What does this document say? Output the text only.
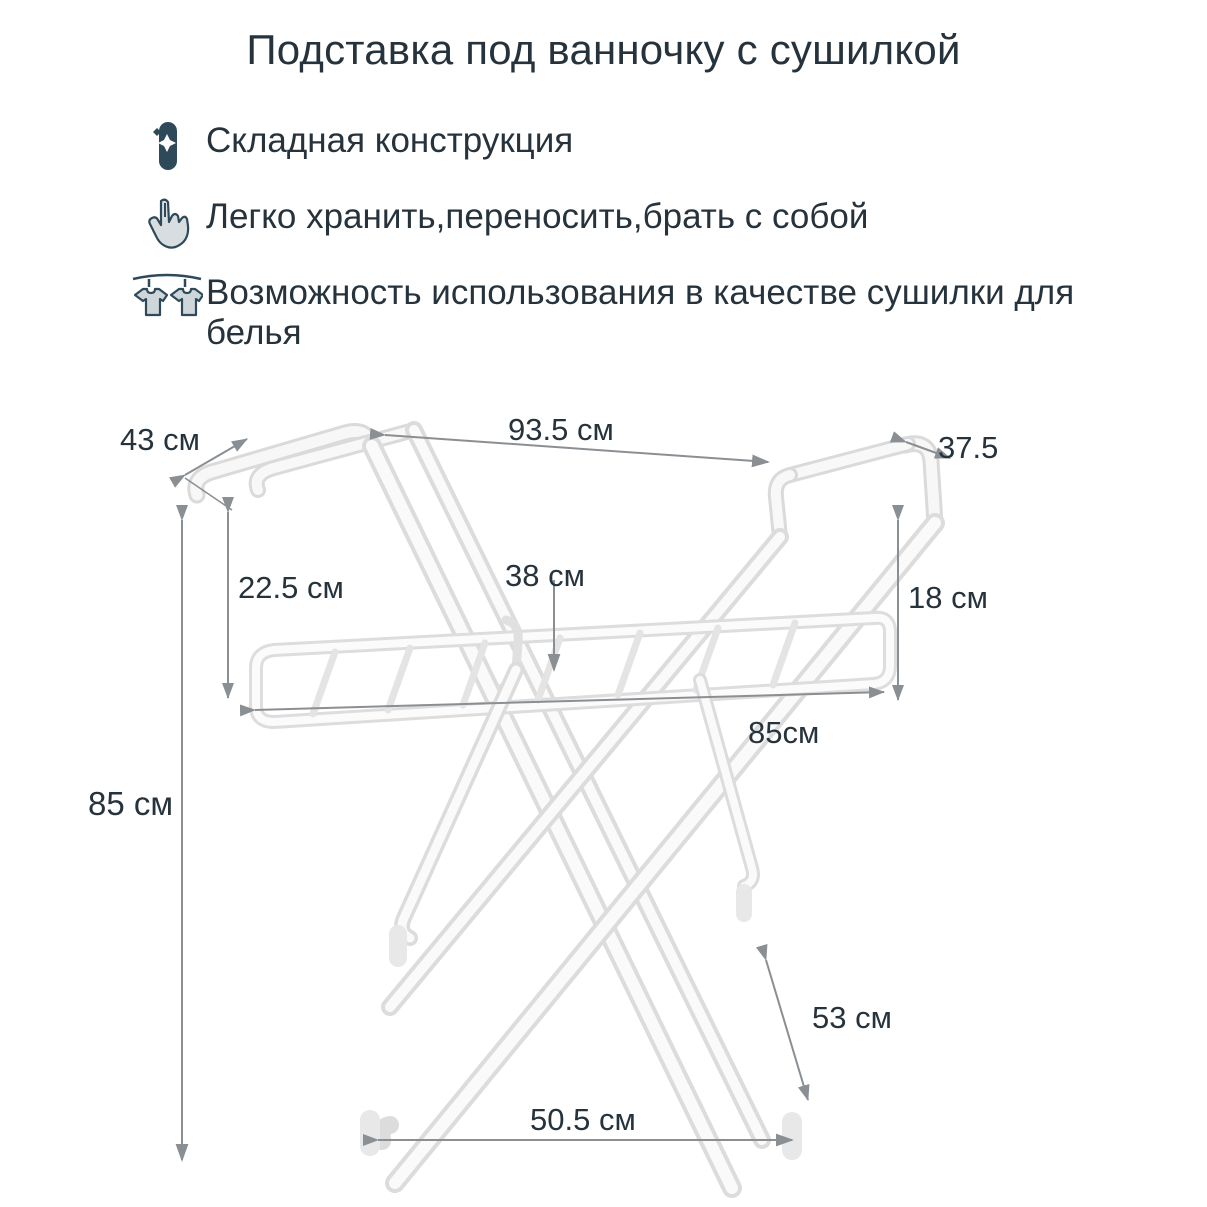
Подставка под ванночку с сушилкой
Складная конструкция
Легко хранить,переносить,брать с собой
Возможность использования в качестве сушилки для белья
43 см	93.5 см
37.5
22.5 см	38 см
18 см
85см
85 см
53 см
50.5 см
